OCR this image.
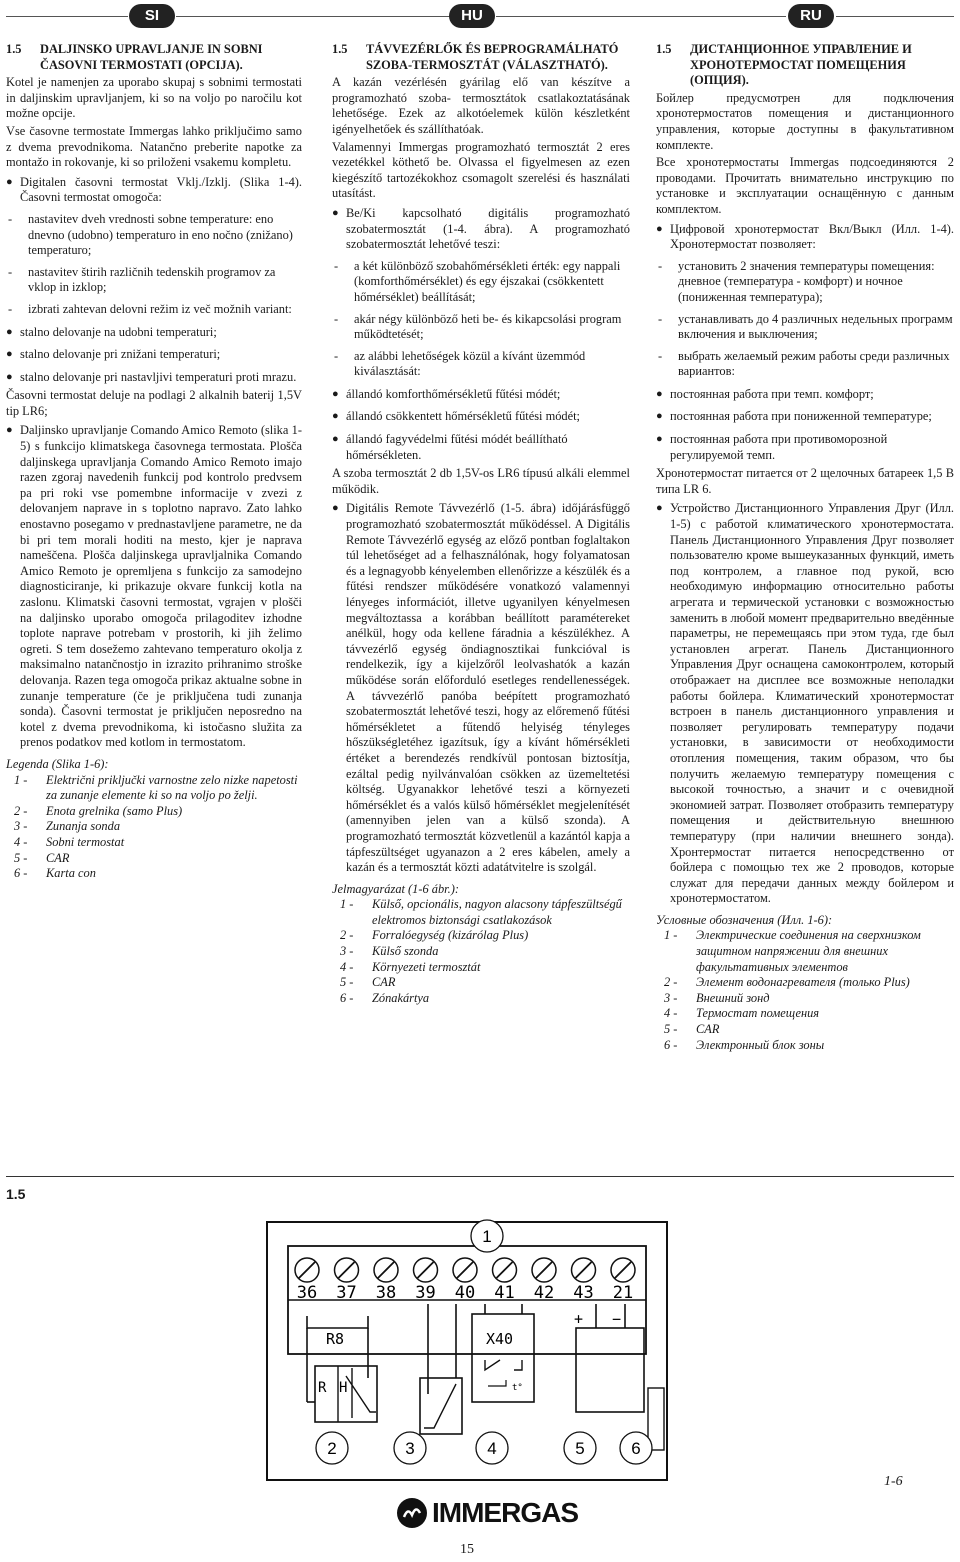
SI	HU	RU
1.5	DALJINSKO UPRAVLJANJE IN SOBNI ČASOVNI TERMOSTATI (OPCIJA).

Kotel je namenjen za uporabo skupaj s sobnimi termostati in daljinskim upravljanjem, ki so na voljo po naročilu kot možne opcije.

Vse časovne termostate Immergas lahko priključimo samo z dvema prevodnikoma. Natančno preberite napotke za montažo in rokovanje, ki so priloženi vsakemu kompletu.

● Digitalen časovni termostat Vklj./Izklj. (Slika 1-4). Časovni termostat omogoča:
-	nastavitev dveh vrednosti sobne temperature: eno dnevno (udobno) temperaturo in eno nočno (znižano) temperaturo;
-	nastavitev štirih različnih tedenskih programov za vklop in izklop;
-	izbrati zahtevan delovni režim iz več možnih variant:
● stalno delovanje na udobni temperaturi;
● stalno delovanje pri znižani temperaturi;
● stalno delovanje pri nastavljivi temperaturi proti mrazu.

Časovni termostat deluje na podlagi 2 alkalnih baterij 1,5V tip LR6;

● Daljinsko upravljanje Comando Amico Remoto (slika 1-5) s funkcijo klimatskega časovnega termostata. Plošča daljinskega upravljanja Comando Amico Remoto imajo razen zgoraj navedenih funkcij pod kontrolo predvsem pa pri roki vse pomembne informacije v zvezi z delovanjem naprave in s toplotno napravo. Zato lahko enostavno posegamo v prednastavljene parametre, ne da bi pri tem morali hoditi na mesto, kjer je naprava nameščena. Plošča daljinskega upravljalnika Comando Amico Remoto je opremljena s funkcijo za samodejno diagnosticiranje, ki prikazuje okvare funkcij kotla na zaslonu. Klimatski časovni termostat, vgrajen v plošči na daljinsko uporabo omogoča prilagoditev izhodne toplote naprave potrebam v prostorih, ki jih želimo ogreti. S tem dosežemo zahtevano temperaturo okolja z maksimalno natančnostjo in izrazito prihranimo stroške delovanja. Razen tega omogoča prikaz aktualne sobne in zunanje temperature (če je priključena tudi zunanja sonda). Časovni termostat je priključen neposredno na kotel z dvema prevodnikoma, ki istočasno služita za prenos podatkov med kotlom in termostatom.
Legenda (Slika 1-6):
1 -	Električni priključki varnostne zelo nizke napetosti za zunanje elemente ki so na voljo po želji.
2 -	Enota grelnika (samo Plus)
3 -	Zunanja sonda
4 -	Sobni termostat
5 -	CAR
6 -	Karta con
1.5	TÁVVEZÉRLŐK ÉS BEPROGRAMÁLHATÓ SZOBA-TERMOSZTÁT (VÁLASZTHATÓ).

A kazán vezérlésén gyárilag elő van készítve a programozható szoba- termosztátok csatlakoztatásának lehetősége. Ezek az alkotóelemek külön készletként igényelhetőek és szállíthatóak.

Valamennyi Immergas programozható termosztát 2 eres vezetékkel köthető be. Olvassa el figyelmesen az ezen kiegészítő tartozékokhoz csomagolt szerelési és használati utasítást.

● Be/Ki kapcsolható digitális programozható szobatermosztát (1-4. ábra). A programozható szobatermosztát lehetővé teszi:
-	a két különböző szobahőmérsékleti érték: egy nappali (komforthőmérséklet) és egy éjszakai (csökkentett hőmérséklet) beállítását;
-	akár négy különböző heti be- és kikapcsolási program működtetését;
-	az alábbi lehetőségek közül a kívánt üzemmód kiválasztását:
● állandó komforthőmérsékletű fűtési módét;
● állandó csökkentett hőmérsékletű fűtési módét;
● állandó fagyvédelmi fűtési módét beállítható hőmérsékleten.

A szoba termosztát 2 db 1,5V-os LR6 típusú alkáli elemmel működik.

● Digitális Remote Távvezérlő (1-5. ábra) időjárásfüggő programozható szobatermosztát működéssel. A Digitális Remote Távvezérlő egység az előző pontban foglaltakon túl lehetőséget ad a felhasználónak, hogy folyamatosan és a legnagyobb kényelemben ellenőrizze a készülék és a fűtési rendszer működésére vonatkozó valamennyi lényeges információt, illetve ugyanilyen kényelmesen megváltoztassa a korábban beállított paramétereket anélkül, hogy oda kellene fáradnia a készülékhez. A távvezérlő egység öndiagnosztikai funkcióval is rendelkezik, így a kijelzőről leolvashatók a kazán működése során előforduló esetleges rendellenességek. A távvezérlő panóba beépített programozható szobatermosztát lehetővé teszi, hogy az előremenő fűtési hőmérsékletet a fűtendő helyiség tényleges hőszükségletéhez igazítsuk, így a kívánt hőmérsékleti értéket a berendezés rendkívül pontosan biztosítja, ezáltal pedig nyilvánvalóan csökken az üzemeltetési költség. Ugyanakkor lehetővé teszi a környezeti hőmérséklet és a valós külső hőmérséklet megjelenítését (amennyiben jelen van a külső szonda). A programozható termosztát közvetlenül a kazántól kapja a tápfeszültséget ugyanazon a 2 eres kábelen, amely a kazán és a termosztát közti adatátvitelre is szolgál.
Jelmagyarázat (1-6 ábr.):
1 -	Külső, opcionális, nagyon alacsony tápfeszültségű elektromos biztonsági csatlakozások
2 -	Forralóegység (kizárólag Plus)
3 -	Külső szonda
4 -	Környezeti termosztát
5 -	CAR
6 -	Zónakártya
1.5	ДИСТАНЦИОННОЕ УПРАВЛЕНИЕ И ХРОНОТЕРМОСТАТ ПОМЕЩЕНИЯ (ОПЦИЯ).

Бойлер предусмотрен для подключения хронотермостатов помещения и дистанционного управления, которые доступны в факультативном комплекте.

Все хронотермостаты Immergas подсоединяются 2 проводами. Прочитать внимательно инструкцию по установке и эксплуатации оснащённую с данным комплектом.

● Цифровой хронотермостат Вкл/Выкл (Илл. 1-4). Хронотермостат позволяет:
-	установить 2 значения температуры помещения: дневное (температура - комфорт) и ночное (пониженная температура);
-	устанавливать до 4 различных недельных программ включения и выключения;
-	выбрать желаемый режим работы среди различных вариантов:
● постоянная работа при темп. комфорт;
● постоянная работа при пониженной температуре;
● постоянная работа при противоморозной регулируемой темп.

Хронотермостат питается от 2 щелочных батареек 1,5 В типа LR 6.

● Устройство Дистанционного Управления Друг (Илл. 1-5) с работой климатического хронотермостата. Панель Дистанционного Управления Друг позволяет пользователю кроме вышеуказанных функций, иметь под контролем, а главное под рукой, всю необходимую информацию относительно работы агрегата и термической установки с возможностью заменить в любой момент предварительно введённые параметры, не перемещаясь при этом туда, где был установлен агрегат. Панель Дистанционного Управления Друг оснащена самоконтролем, который отображает на дисплее все возможные неполадки работы бойлера. Климатический хронотермостат встроен в панель дистанционного управления и позволяет регулировать температуру подачи установки, в зависимости от необходимости отопления помещения, таким образом, что бы получить желаемую температуру помещения с высокой точностью, а значит и с очевидной экономией затрат. Позволяет отобразить температуру помещения и действительную внешнюю температуру (при наличии внешнего зонда). Хронтермостат питается непосредственно от бойлера с помощью тех же 2 проводов, которые служат для передачи данных между бойлером и хронотермостатом.
Условные обозначения (Илл. 1-6):
1 -	Электрические соединения на сверхнизком защитном напряжении для внешних факультативных элементов
2 -	Элемент водонагревателя (только Plus)
3 -	Внешний зонд
4 -	Термостат помещения
5 -	CAR
6 -	Электронный блок зоны
1.5
36 37 38 39 40 41 42 43 21
1
R8
R H
X40
t°
+ −
2	3	4	5	6
1-6
IMMERGAS
15
